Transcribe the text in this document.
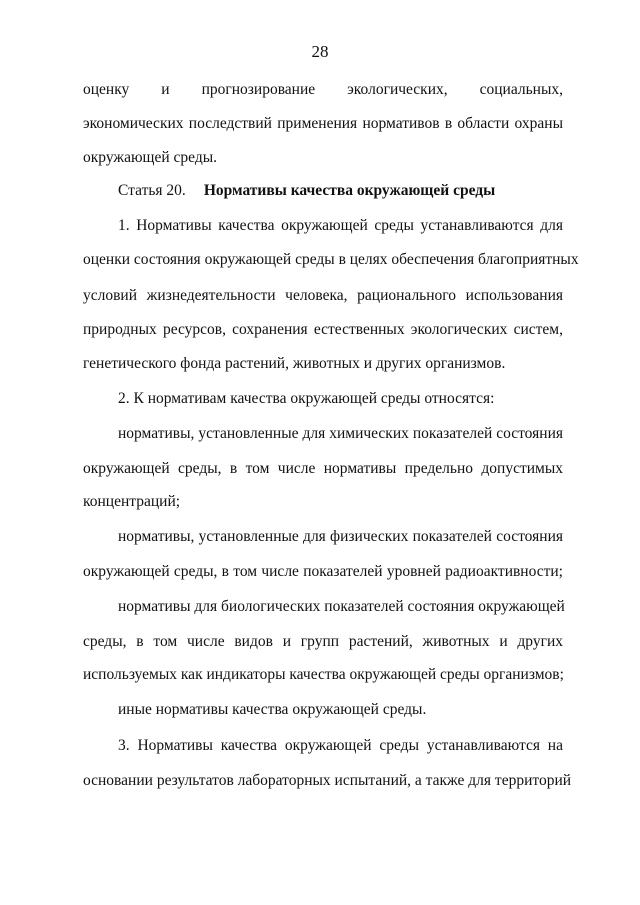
28
оценку и прогнозирование экологических, социальных,
экономических последствий применения нормативов в области охраны
окружающей среды.
Статья 20. Нормативы качества окружающей среды
1. Нормативы качества окружающей среды устанавливаются для
оценки состояния окружающей среды в целях обеспечения благоприятных
условий жизнедеятельности человека, рационального использования
природных ресурсов, сохранения естественных экологических систем,
генетического фонда растений, животных и других организмов.
2. К нормативам качества окружающей среды относятся:
нормативы, установленные для химических показателей состояния
окружающей среды, в том числе нормативы предельно допустимых
концентраций;
нормативы, установленные для физических показателей состояния
окружающей среды, в том числе показателей уровней радиоактивности;
нормативы для биологических показателей состояния окружающей
среды, в том числе видов и групп растений, животных и других
используемых как индикаторы качества окружающей среды организмов;
иные нормативы качества окружающей среды.
3. Нормативы качества окружающей среды устанавливаются на
основании результатов лабораторных испытаний, а также для территорий
